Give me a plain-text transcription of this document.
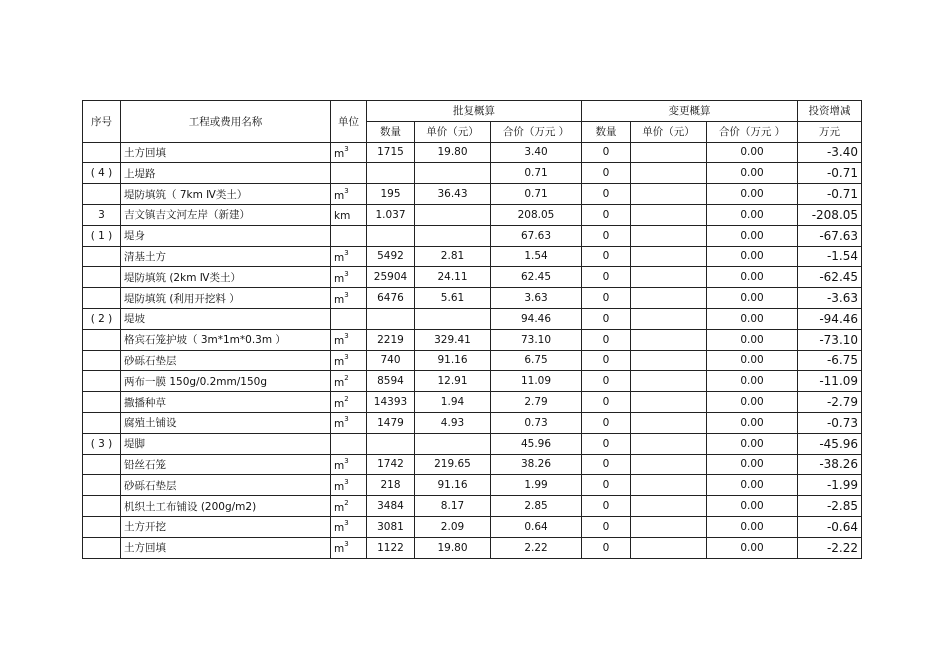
序号	工程或费用名称	单位	批复概算			变更概算			投资增减
			数量	单价（元）	合价（万元 ）	数量	单价（元）	合价（万元 ）	万元
	土方回填	$m^3$	1715	19.80	3.40	0		0.00	-3.40
( 4 )	上堤路				0.71	0		0.00	-0.71
	堤防填筑（ 7km Ⅳ类土）	$m^3$	195	36.43	0.71	0		0.00	-0.71
3	吉文镇吉文河左岸（新建）	km	1.037		208.05	0		0.00	-208.05
( 1 )	堤身				67.63	0		0.00	-67.63
	清基土方	$m^3$	5492	2.81	1.54	0		0.00	-1.54
	堤防填筑 (2km Ⅳ类土）	$m^3$	25904	24.11	62.45	0		0.00	-62.45
	堤防填筑 (利用开挖料 ）	$m^3$	6476	5.61	3.63	0		0.00	-3.63
( 2 )	堤坡				94.46	0		0.00	-94.46
	格宾石笼护坡（ 3m*1m*0.3m ）	$m^3$	2219	329.41	73.10	0		0.00	-73.10
	砂砾石垫层	$m^3$	740	91.16	6.75	0		0.00	-6.75
	两布一膜 150g/0.2mm/150g	$m^2$	8594	12.91	11.09	0		0.00	-11.09
	撒播种草	$m^2$	14393	1.94	2.79	0		0.00	-2.79
	腐殖土铺设	$m^3$	1479	4.93	0.73	0		0.00	-0.73
( 3 )	堤脚				45.96	0		0.00	-45.96
	铅丝石笼	$m^3$	1742	219.65	38.26	0		0.00	-38.26
	砂砾石垫层	$m^3$	218	91.16	1.99	0		0.00	-1.99
	机织土工布铺设 (200g/m2)	$m^2$	3484	8.17	2.85	0		0.00	-2.85
	土方开挖	$m^3$	3081	2.09	0.64	0		0.00	-0.64
	土方回填	$m^3$	1122	19.80	2.22	0		0.00	-2.22
